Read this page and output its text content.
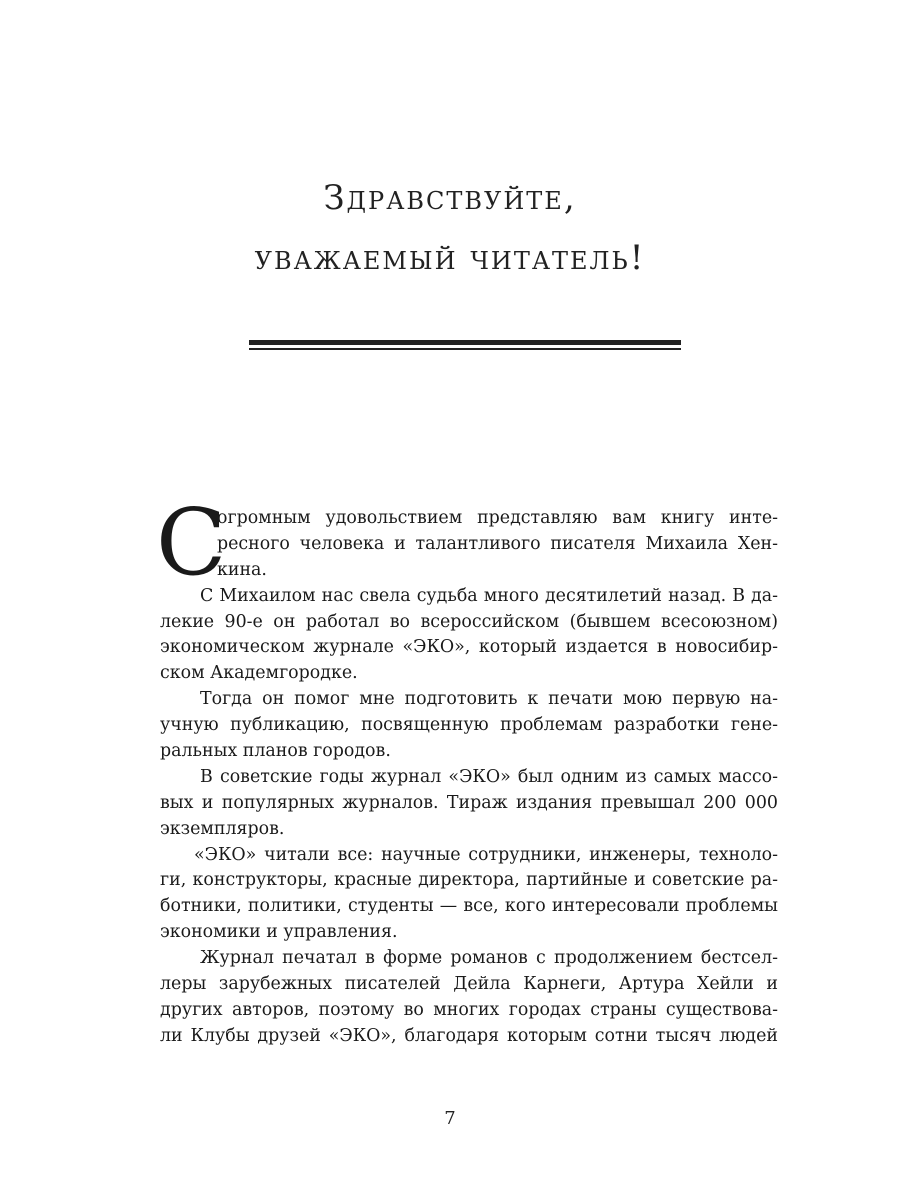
Здравствуйте,
уважаемый читатель!
С
огромным удовольствием представляю вам книгу инте-
ресного человека и талантливого писателя Михаила Хен-
кина.
С Михаилом нас свела судьба много десятилетий назад. В да-
лекие 90-е он работал во всероссийском (бывшем всесоюзном)
экономическом журнале «ЭКО», который издается в новосибир-
ском Академгородке.
Тогда он помог мне подготовить к печати мою первую на-
учную публикацию, посвященную проблемам разработки гене-
ральных планов городов.
В советские годы журнал «ЭКО» был одним из самых массо-
вых и популярных журналов. Тираж издания превышал 200 000
экземпляров.
«ЭКО» читали все: научные сотрудники, инженеры, техноло-
ги, конструкторы, красные директора, партийные и советские ра-
ботники, политики, студенты — все, кого интересовали проблемы
экономики и управления.
Журнал печатал в форме романов с продолжением бестсел-
леры зарубежных писателей Дейла Карнеги, Артура Хейли и
других авторов, поэтому во многих городах страны существова-
ли Клубы друзей «ЭКО», благодаря которым сотни тысяч людей
7
